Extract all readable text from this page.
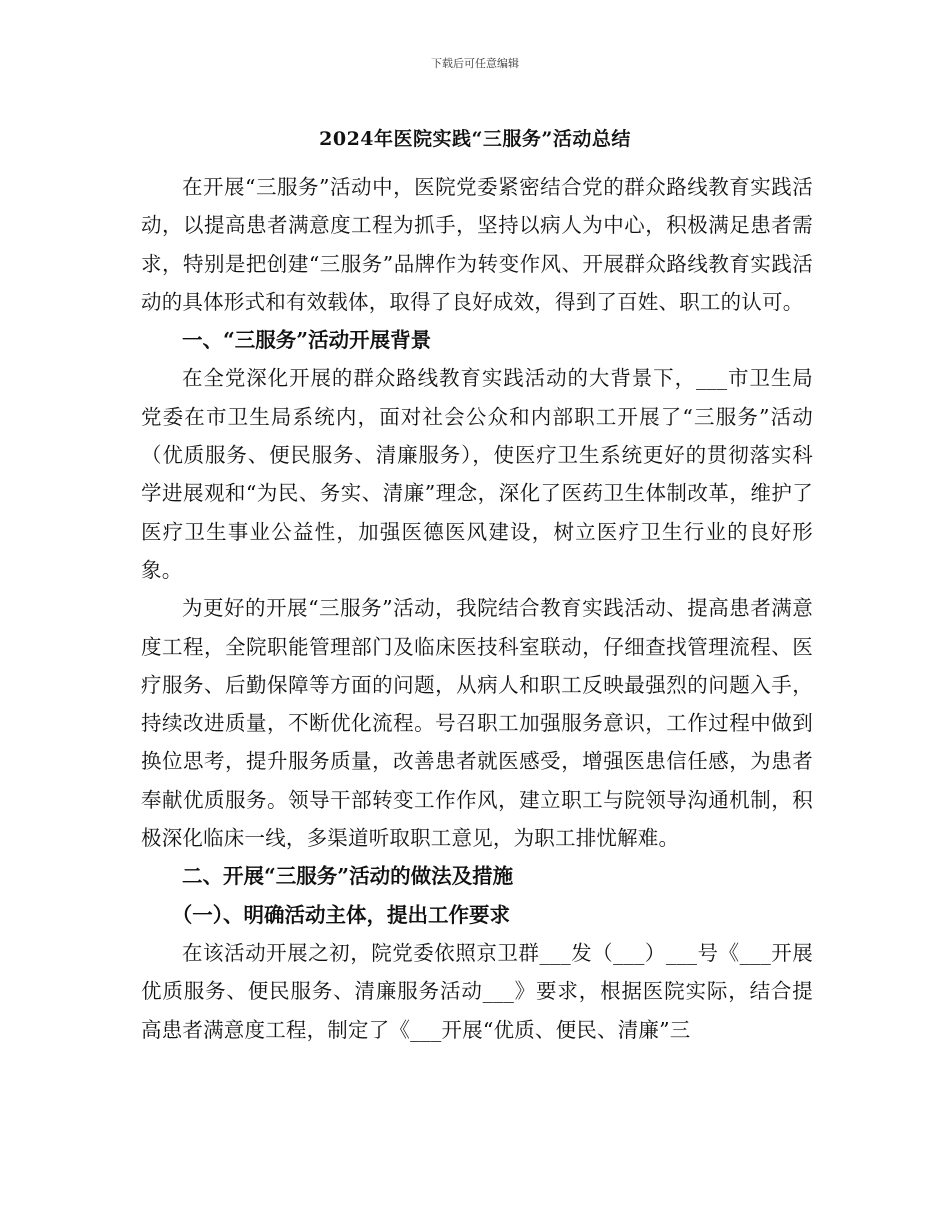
下载后可任意编辑
2024年医院实践“三服务”活动总结

在开展“三服务”活动中，医院党委紧密结合党的群众路线教育实践活动，以提高患者满意度工程为抓手，坚持以病人为中心，积极满足患者需求，特别是把创建“三服务”品牌作为转变作风、开展群众路线教育实践活动的具体形式和有效载体，取得了良好成效，得到了百姓、职工的认可。

一、“三服务”活动开展背景

在全党深化开展的群众路线教育实践活动的大背景下，___市卫生局党委在市卫生局系统内，面对社会公众和内部职工开展了“三服务”活动（优质服务、便民服务、清廉服务），使医疗卫生系统更好的贯彻落实科学进展观和“为民、务实、清廉”理念，深化了医药卫生体制改革，维护了医疗卫生事业公益性，加强医德医风建设，树立医疗卫生行业的良好形象。

为更好的开展“三服务”活动，我院结合教育实践活动、提高患者满意度工程，全院职能管理部门及临床医技科室联动，仔细查找管理流程、医疗服务、后勤保障等方面的问题，从病人和职工反映最强烈的问题入手，持续改进质量，不断优化流程。号召职工加强服务意识，工作过程中做到换位思考，提升服务质量，改善患者就医感受，增强医患信任感，为患者奉献优质服务。领导干部转变工作作风，建立职工与院领导沟通机制，积极深化临床一线，多渠道听取职工意见，为职工排忧解难。

二、开展“三服务”活动的做法及措施

（一）、明确活动主体，提出工作要求

在该活动开展之初，院党委依照京卫群___发（___）___号《___开展优质服务、便民服务、清廉服务活动___》要求，根据医院实际，结合提高患者满意度工程，制定了《___开展“优质、便民、清廉”三
